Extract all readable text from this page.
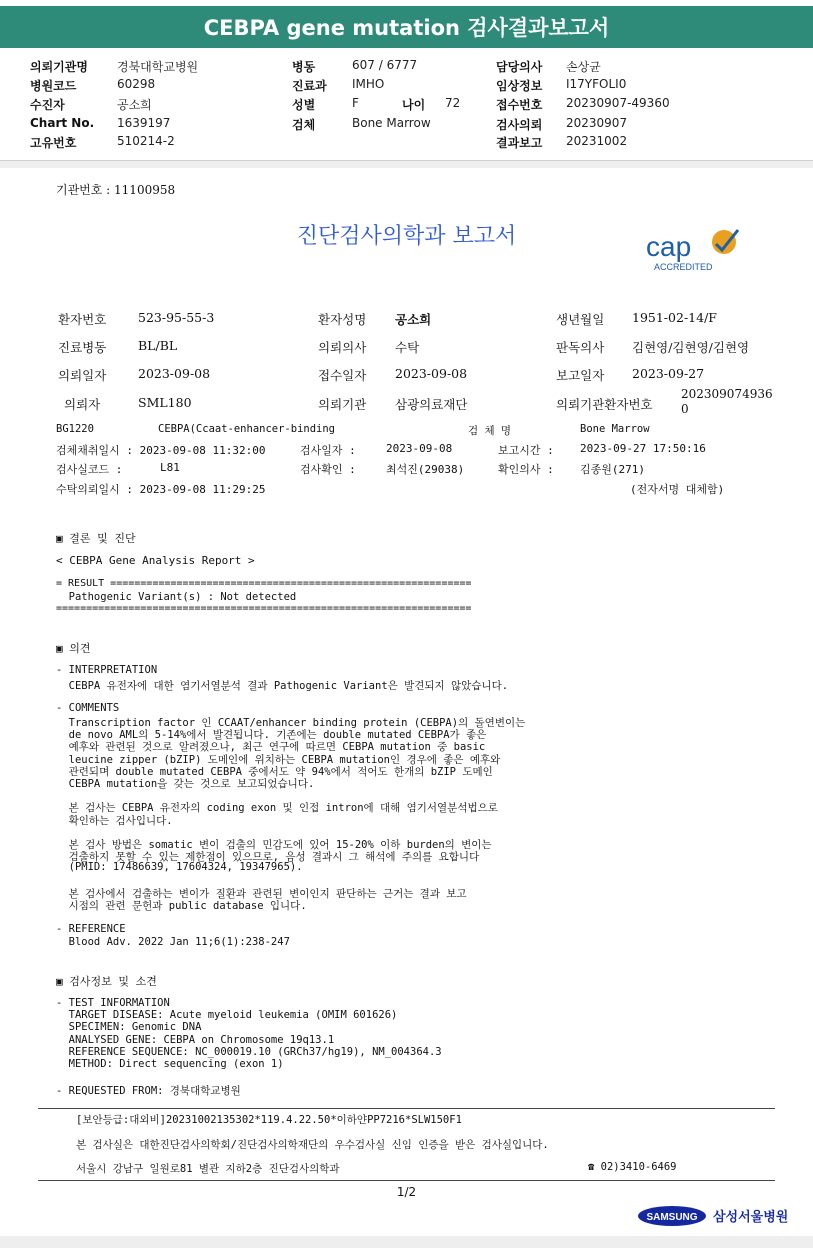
CEBPA gene mutation 검사결과보고서
의뢰기관명 경북대학교병원
병원코드	60298
수진자	공소희
Chart No. 1639197
고유번호	510214-2
병동	607 / 6777
진료과 IMHO
성별	F
검체	Bone Marrow
담당의사 손상균
임상정보 I17YFOLI0
접수번호 20230907-49360
검사의뢰 20230907
결과보고 20231002
나이 72
기관번호 : 11100958
진단검사의학과 보고서	cap
ACCREDITED
환자번호	523-95-55-3	환자성명 공소희	생년월일 1951-02-14/F
진료병동	BL/BL	의뢰의사 수탁	판독의사 김현영/김현영/김현영
의뢰일자	2023-09-08	접수일자 2023-09-08	보고일자 2023-09-27
의뢰자	SML180	의뢰기관 삼광의료재단	의뢰기관환자번호
202309074936
0
BG1220	CEBPA(Ccaat-enhancer-binding	검 체 명	Bone Marrow
검체채취일시 : 2023-09-08 11:32:00	검사일자 :	2023-09-08	보고시간 : 2023-09-27 17:50:16
검사실코드 :	L81	검사확인 :	최석진(29038)	확인의사 : 김종원(271)
수탁의뢰일시 : 2023-09-08 11:29:25	(전자서명 대체함)
▣ 결론 및 진단
< CEBPA Gene Analysis Report >
= RESULT ============================================================
Pathogenic Variant(s) : Not detected
=====================================================================
▣ 의견
- INTERPRETATION
CEBPA 유전자에 대한 염기서열분석 결과 Pathogenic Variant은 발견되지 않았습니다.
- COMMENTS
Transcription factor 인 CCAAT/enhancer binding protein (CEBPA)의 돌연변이는
de novo AML의 5-14%에서 발견됩니다. 기존에는 double mutated CEBPA가 좋은
예후와 관련된 것으로 알려졌으나, 최근 연구에 따르면 CEBPA mutation 중 basic
leucine zipper (bZIP) 도메인에 위치하는 CEBPA mutation인 경우에 좋은 예후와
관련되며 double mutated CEBPA 중에서도 약 94%에서 적어도 한개의 bZIP 도메인
CEBPA mutation을 갖는 것으로 보고되었습니다.
본 검사는 CEBPA 유전자의 coding exon 및 인접 intron에 대해 염기서열분석법으로
확인하는 검사입니다.
본 검사 방법은 somatic 변이 검출의 민감도에 있어 15-20% 이하 burden의 변이는
검출하지 못할 수 있는 제한점이 있으므로, 음성 결과시 그 해석에 주의를 요합니다
(PMID: 17486639, 17604324, 19347965).
본 검사에서 검출하는 변이가 질환과 관련된 변이인지 판단하는 근거는 결과 보고
시점의 관련 문헌과 public database 입니다.
- REFERENCE
Blood Adv. 2022 Jan 11;6(1):238-247
▣ 검사정보 및 소견
- TEST INFORMATION
TARGET DISEASE: Acute myeloid leukemia (OMIM 601626)
SPECIMEN: Genomic DNA
ANALYSED GENE: CEBPA on Chromosome 19q13.1
REFERENCE SEQUENCE: NC_000019.10 (GRCh37/hg19), NM_004364.3
METHOD: Direct sequencing (exon 1)
- REQUESTED FROM: 경북대학교병원
[보안등급:대외비]20231002135302*119.4.22.50*이하얀PP7216*SLW150F1
본 검사실은 대한진단검사의학회/진단검사의학재단의 우수검사실 신임 인증을 받은 검사실입니다.
서울시 강남구 일원로81 별관 지하2층 진단검사의학과	☎ 02)3410-6469
1/2
SAMSUNG 삼성서울병원
